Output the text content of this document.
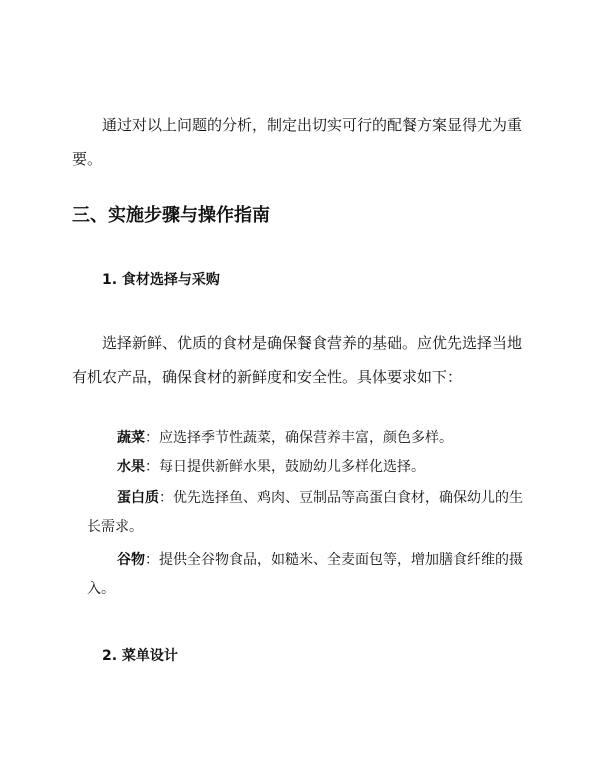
通过对以上问题的分析，制定出切实可行的配餐方案显得尤为重要。

三、实施步骤与操作指南
1. 食材选择与采购

选择新鲜、优质的食材是确保餐食营养的基础。应优先选择当地有机农产品，确保食材的新鲜度和安全性。具体要求如下：

蔬菜：应选择季节性蔬菜，确保营养丰富，颜色多样。

水果：每日提供新鲜水果，鼓励幼儿多样化选择。

蛋白质：优先选择鱼、鸡肉、豆制品等高蛋白食材，确保幼儿的生长需求。

谷物：提供全谷物食品，如糙米、全麦面包等，增加膳食纤维的摄入。

2. 菜单设计
